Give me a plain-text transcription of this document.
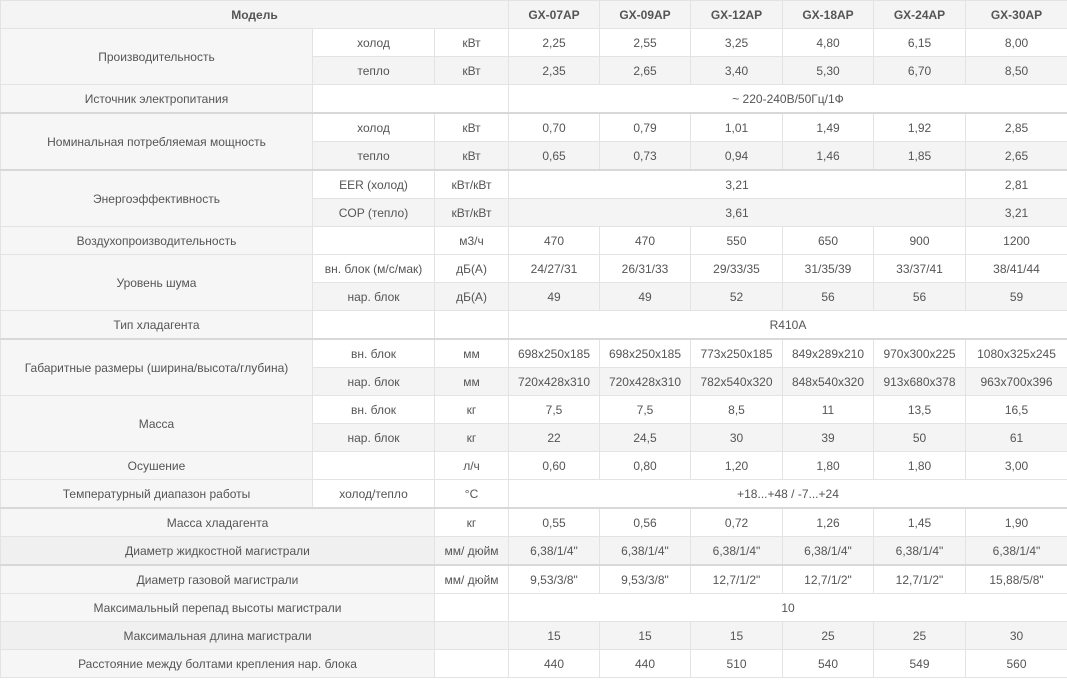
Модель			GX-07AP	GX-09AP	GX-12AP	GX-18AP	GX-24AP	GX-30AP
Производительность	холод	кВт	2,25	2,55	3,25	4,80	6,15	8,00
	тепло	кВт	2,35	2,65	3,40	5,30	6,70	8,50
Источник электропитания			~ 220-240В/50Гц/1Ф					
Номинальная потребляемая мощность	холод	кВт	0,70	0,79	1,01	1,49	1,92	2,85
	тепло	кВт	0,65	0,73	0,94	1,46	1,85	2,65
Энергоэффективность	EER (холод)	кВт/кВт	3,21					2,81
	COP (тепло)	кВт/кВт	3,61					3,21
Воздухопроизводительность		м3/ч	470	470	550	650	900	1200
Уровень шума	вн. блок (м/с/мак)	дБ(А)	24/27/31	26/31/33	29/33/35	31/35/39	33/37/41	38/41/44
	нар. блок	дБ(А)	49	49	52	56	56	59
Тип хладагента			R410A					
Габаритные размеры (ширина/высота/глубина)	вн. блок	мм	698x250x185	698x250x185	773x250x185	849x289x210	970x300x225	1080x325x245
	нар. блок	мм	720x428x310	720x428x310	782x540x320	848x540x320	913x680x378	963x700x396
Масса	вн. блок	кг	7,5	7,5	8,5	11	13,5	16,5
	нар. блок	кг	22	24,5	30	39	50	61
Осушение		л/ч	0,60	0,80	1,20	1,80	1,80	3,00
Температурный диапазон работы	холод/тепло	°C	+18...+48 / -7...+24					
Масса хладагента		кг	0,55	0,56	0,72	1,26	1,45	1,90
Диаметр жидкостной магистрали		мм/ дюйм	6,38/1/4"	6,38/1/4"	6,38/1/4"	6,38/1/4"	6,38/1/4"	6,38/1/4"
Диаметр газовой магистрали		мм/ дюйм	9,53/3/8"	9,53/3/8"	12,7/1/2"	12,7/1/2"	12,7/1/2"	15,88/5/8"
Максимальный перепад высоты магистрали			10					
Максимальная длина магистрали			15	15	15	25	25	30
Расстояние между болтами крепления нар. блока			440	440	510	540	549	560
